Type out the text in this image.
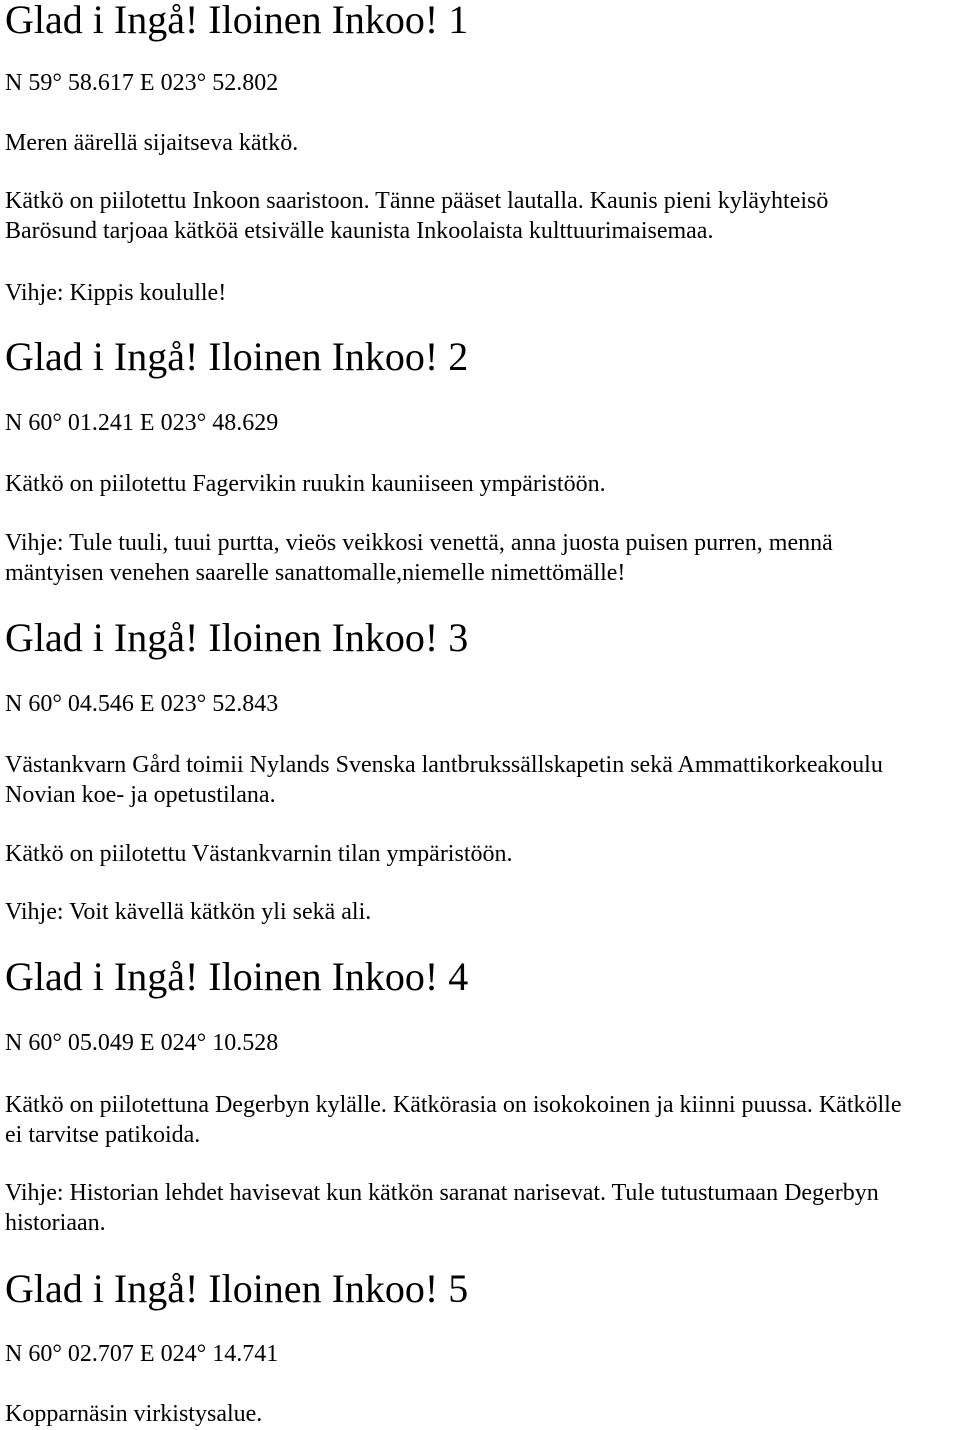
Glad i Ingå! Iloinen Inkoo! 1

N 59° 58.617 E 023° 52.802

Meren äärellä sijaitseva kätkö.

Kätkö on piilotettu Inkoon saaristoon. Tänne pääset lautalla. Kaunis pieni kyläyhteisö
Barösund tarjoaa kätköä etsivälle kaunista Inkoolaista kulttuurimaisemaa.

Vihje: Kippis koululle!

Glad i Ingå! Iloinen Inkoo! 2

N 60° 01.241 E 023° 48.629

Kätkö on piilotettu Fagervikin ruukin kauniiseen ympäristöön.

Vihje: Tule tuuli, tuui purtta, vieös veikkosi venettä, anna juosta puisen purren, mennä
mäntyisen venehen saarelle sanattomalle,niemelle nimettömälle!

Glad i Ingå! Iloinen Inkoo! 3

N 60° 04.546 E 023° 52.843

Västankvarn Gård toimii Nylands Svenska lantbrukssällskapetin sekä Ammattikorkeakoulu
Novian koe- ja opetustilana.

Kätkö on piilotettu Västankvarnin tilan ympäristöön.

Vihje: Voit kävellä kätkön yli sekä ali.

Glad i Ingå! Iloinen Inkoo! 4

N 60° 05.049 E 024° 10.528

Kätkö on piilotettuna Degerbyn kylälle. Kätkörasia on isokokoinen ja kiinni puussa. Kätkölle
ei tarvitse patikoida.

Vihje: Historian lehdet havisevat kun kätkön saranat narisevat. Tule tutustumaan Degerbyn
historiaan.

Glad i Ingå! Iloinen Inkoo! 5

N 60° 02.707 E 024° 14.741

Kopparnäsin virkistysalue.
